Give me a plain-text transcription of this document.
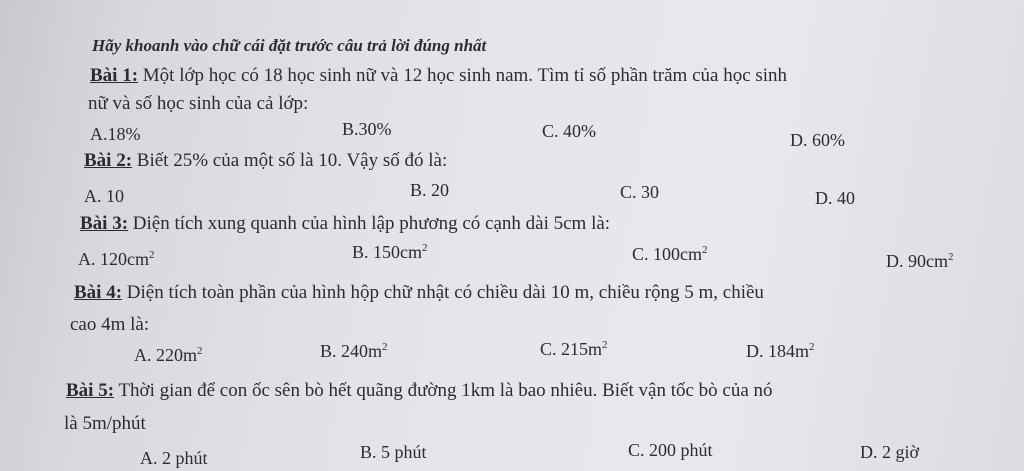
Hãy khoanh vào chữ cái đặt trước câu trả lời đúng nhất
Bài 1: Một lớp học có 18 học sinh nữ và 12 học sinh nam. Tìm tỉ số phần trăm của học sinh
nữ và số học sinh của cả lớp:
A.18%	B.30%	C. 40%	D. 60%
Bài 2: Biết 25% của một số là 10. Vậy số đó là:
A. 10	B. 20	C. 30	D. 40
Bài 3: Diện tích xung quanh của hình lập phương có cạnh dài 5cm là:
A. $120cm^2$	B. $150cm^2$	C. $100cm^2$
D. $90cm^2$
Bài 4: Diện tích toàn phần của hình hộp chữ nhật có chiều dài 10 m, chiều rộng 5 m, chiều
cao 4m là:
A. $220m^2$	B. $240m^2$	C. $215m^2$	D. $184m^2$
Bài 5: Thời gian để con ốc sên bò hết quãng đường 1km là bao nhiêu. Biết vận tốc bò của nó
là 5m/phút
A. 2 phút	B. 5 phút	C. 200 phút	D. 2 giờ
